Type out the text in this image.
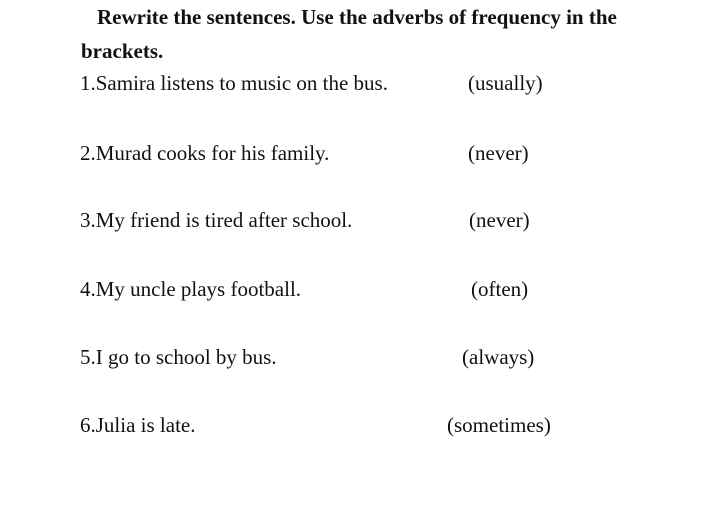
Rewrite the sentences. Use the adverbs of frequency in the brackets.
1.Samira listens to music on the bus.	(usually)
2.Murad cooks for his family.	(never)
3.My friend is tired after school.	(never)
4.My uncle plays football.	(often)
5.I go to school by bus.	(always)
6.Julia is late.	(sometimes)
